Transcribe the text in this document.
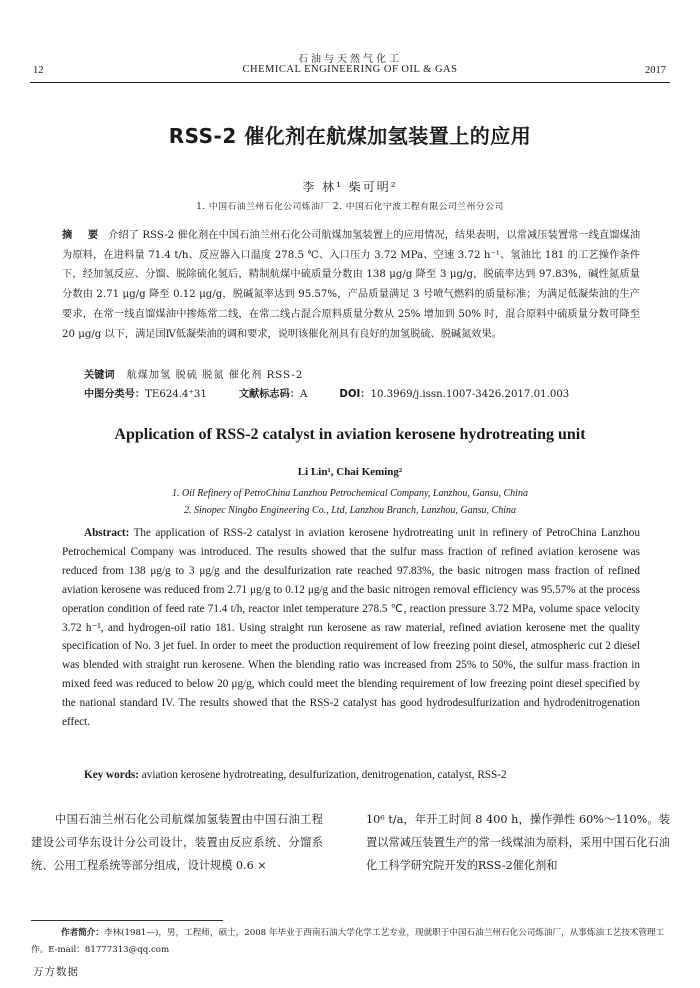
石油与天然气化工
CHEMICAL ENGINEERING OF OIL & GAS
12	2017
RSS-2 催化剂在航煤加氢装置上的应用
李 林¹ 柴可明²
1. 中国石油兰州石化公司炼油厂 2. 中国石化宁波工程有限公司兰州分公司
摘 要 介绍了 RSS-2 催化剂在中国石油兰州石化公司航煤加氢装置上的应用情况，结果表明，以常减压装置常一线直馏煤油为原料，在进料量 71.4 t/h、反应器入口温度 278.5 ℃、入口压力 3.72 MPa、空速 3.72 h⁻¹、氢油比 181 的工艺操作条件下，经加氢反应、分馏、脱除硫化氢后，精制航煤中硫质量分数由 138 μg/g 降至 3 μg/g，脱硫率达到 97.83%，碱性氮质量分数由 2.71 μg/g 降至 0.12 μg/g，脱碱氮率达到 95.57%，产品质量满足 3 号喷气燃料的质量标准；为满足低凝柴油的生产要求，在常一线直馏煤油中掺炼常二线，在常二线占混合原料质量分数从 25% 增加到 50% 时，混合原料中硫质量分数可降至 20 μg/g 以下，满足国Ⅳ低凝柴油的调和要求，说明该催化剂具有良好的加氢脱硫、脱碱氮效果。
关键词 航煤加氢 脱硫 脱氮 催化剂 RSS-2
中图分类号：TE624.4⁺31	文献标志码：A	DOI：10.3969/j.issn.1007-3426.2017.01.003
Application of RSS-2 catalyst in aviation kerosene hydrotreating unit
Li Lin¹, Chai Keming²
1. Oil Refinery of PetroChina Lanzhou Petrochemical Company, Lanzhou, Gansu, China
2. Sinopec Ningbo Engineering Co., Ltd, Lanzhou Branch, Lanzhou, Gansu, China
Abstract: The application of RSS-2 catalyst in aviation kerosene hydrotreating unit in refinery of PetroChina Lanzhou Petrochemical Company was introduced. The results showed that the sulfur mass fraction of refined aviation kerosene was reduced from 138 μg/g to 3 μg/g and the desulfurization rate reached 97.83%, the basic nitrogen mass fraction of refined aviation kerosene was reduced from 2.71 μg/g to 0.12 μg/g and the basic nitrogen removal efficiency was 95.57% at the process operation condition of feed rate 71.4 t/h, reactor inlet temperature 278.5 ℃, reaction pressure 3.72 MPa, volume space velocity 3.72 h⁻¹, and hydrogen-oil ratio 181. Using straight run kerosene as raw material, refined aviation kerosene met the quality specification of No. 3 jet fuel. In order to meet the production requirement of low freezing point diesel, atmospheric cut 2 diesel was blended with straight run kerosene. When the blending ratio was increased from 25% to 50%, the sulfur mass fraction in mixed feed was reduced to below 20 μg/g, which could meet the blending requirement of low freezing point diesel specified by the national standard IV. The results showed that the RSS-2 catalyst has good hydrodesulfurization and hydrodenitrogenation effect.
Key words: aviation kerosene hydrotreating, desulfurization, denitrogenation, catalyst, RSS-2
中国石油兰州石化公司航煤加氢装置由中国石油工程建设公司华东设计分公司设计，装置由反应系统、分馏系统、公用工程系统等部分组成，设计规模 0.6 ×
10⁶ t/a，年开工时间 8 400 h，操作弹性 60%～110%。装置以常减压装置生产的常一线煤油为原料，采用中国石化石油化工科学研究院开发的RSS-2催化剂和
作者简介：李林(1981—)，男，工程师，硕士，2008 年毕业于西南石油大学化学工艺专业，现就职于中国石油兰州石化公司炼油厂，从事炼油工艺技术管理工作。E-mail：81777313@qq.com
万方数据
